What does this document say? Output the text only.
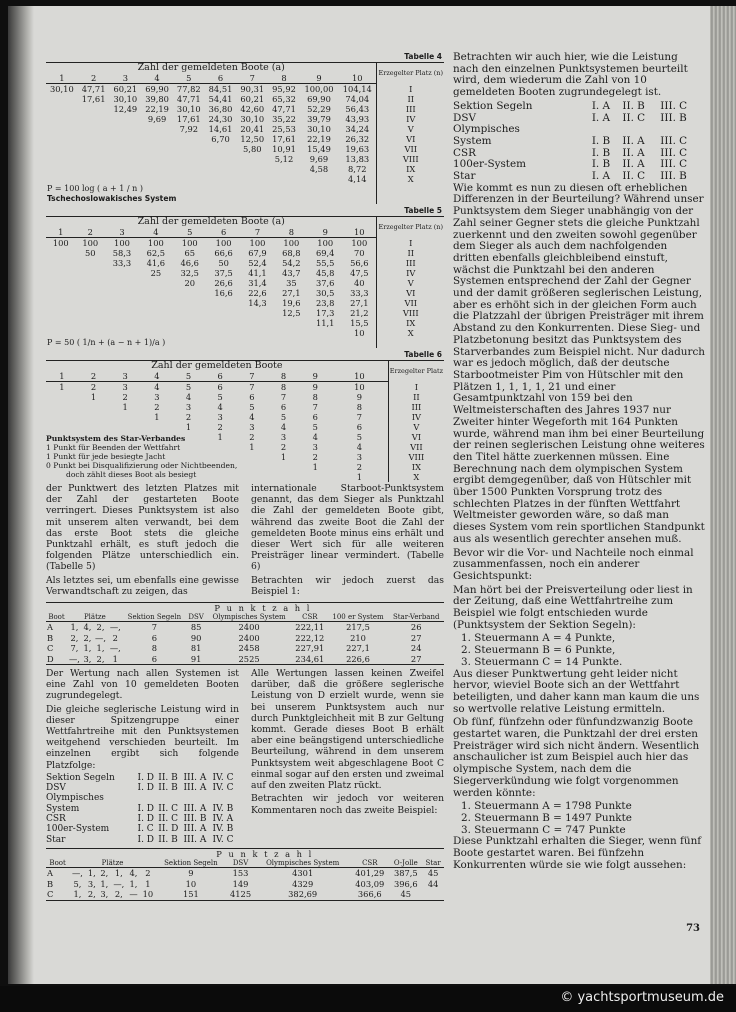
Tabelle 4
Zahl der gemeldeten Boote (a)										Erzegelter Platz (n)
1	2	3	4	5	6	7	8	9	10	
30,10	47,71	60,21	69,90	77,82	84,51	90,31	95,92	100,00	104,14	I
	17,61	30,10	39,80	47,71	54,41	60,21	65,32	69,90	74,04	II
		12,49	22,19	30,10	36,80	42,60	47,71	52,29	56,43	III
			9,69	17,61	24,30	30,10	35,22	39,79	43,93	IV
				7,92	14,61	20,41	25,53	30,10	34,24	V
					6,70	12,50	17,61	22,19	26,32	VI
						5,80	10,91	15,49	19,63	VII
							5,12	9,69	13,83	VIII
								4,58	8,72	IX
									4,14	X
P = 100 log ( a + 1 / n )										
Tschechoslowakisches System										
Tabelle 5
Zahl der gemeldeten Boote (a)										Erzegelter Platz (n)
1	2	3	4	5	6	7	8	9	10	
100	100	100	100	100	100	100	100	100	100	I
	50	58,3	62,5	65	66,6	67,9	68,8	69,4	70	II
		33,3	41,6	46,6	50	52,4	54,2	55,5	56,6	III
			25	32,5	37,5	41,1	43,7	45,8	47,5	IV
				20	26,6	31,4	35	37,6	40	V
					16,6	22,6	27,1	30,5	33,3	VI
						14,3	19,6	23,8	27,1	VII
							12,5	17,3	21,2	VIII
								11,1	15,5	IX
									10	X
P = 50 ( 1/n + (a − n + 1)/a )										
Tabelle 6
Zahl der gemeldeten Boote										Erzegelter Platz
1	2	3	4	5	6	7	8	9	10	
1	2	3	4	5	6	7	8	9	10	I
	1	2	3	4	5	6	7	8	9	II
		1	2	3	4	5	6	7	8	III
			1	2	3	4	5	6	7	IV
				1	2	3	4	5	6	V
					1	2	3	4	5	VI
						1	2	3	4	VII
							1	2	3	VIII
								1	2	IX
									1	X
Punktsystem des Star-Verbandes
1 Punkt für Beenden der Wettfahrt
1 Punkt für jede besiegte Jacht
0 Punkt bei Disqualifizierung oder Nichtbeenden,
doch zählt dieses Boot als besiegt

der Punktwert des letzten Platzes mit der Zahl der gestarteten Boote verringert. Dieses Punktsystem ist also mit unserem alten verwandt, bei dem das erste Boot stets die gleiche Punktzahl erhält, es stuft jedoch die folgenden Plätze unterschiedlich ein. (Tabelle 5)

Als letztes sei, um ebenfalls eine gewisse Verwandtschaft zu zeigen, das

internationale Starboot-Punktsystem genannt, das dem Sieger als Punktzahl die Zahl der gemeldeten Boote gibt, während das zweite Boot die Zahl der gemeldeten Boote minus eins erhält und dieser Wert sich für alle weiteren Preisträger linear vermindert. (Tabelle 6)

Betrachten wir jedoch zuerst das Beispiel 1:

		P u n k t z a h l								
Boot	Plätze				Sektion Segeln	DSV	Olympisches System	CSR	100 er System	Star-Verband
A	1,	4,	2,	—,	7	85	2400	222,11	217,5	26
B	2,	2,	—,	2	6	90	2400	222,12	210	27
C	7,	1,	1,	—,	8	81	2458	227,91	227,1	24
D	—,	3,	2,	1	6	91	2525	234,61	226,6	27

Der Wertung nach allen Systemen ist eine Zahl von 10 gemeldeten Booten zugrundegelegt.

Die gleiche seglerische Leistung wird in dieser Spitzengruppe einer Wettfahrtreihe mit den Punktsystemen weitgehend verschieden beurteilt. Im einzelnen ergibt sich folgende Platzfolge:

Sektion Segeln	I. D	II. B	III. A	IV. C
DSV	I. D	II. B	III. A	IV. C
Olympisches				
System	I. D	II. C	III. A	IV. B
CSR	I. D	II. C	III. B	IV. A
100er-System	I. C	II. D	III. A	IV. B
Star	I. D	II. B	III. A	IV. C

Alle Wertungen lassen keinen Zweifel darüber, daß die größere seglerische Leistung von D erzielt wurde, wenn sie bei unserem Punktsystem auch nur durch Punktgleichheit mit B zur Geltung kommt. Gerade dieses Boot B erhält aber eine beängstigend unterschiedliche Beurteilung, während in dem unserem Punktsystem weit abgeschlagene Boot C einmal sogar auf den ersten und zweimal auf den zweiten Platz rückt.

Betrachten wir jedoch vor weiteren Kommentaren noch das zweite Beispiel:

		P u n k t z a h l										
Boot	Plätze						Sektion Segeln	DSV	Olympisches System	CSR	O-Jolle	Star
A	—,	1,	2,	1,	4,	2	9	153	4301	401,29	387,5	45
B	5,	3,	1,	—,	1,	1	10	149	4329	403,09	396,6	44
C	1,	2,	3,	2,	—	10	151	4125	382,69	366,6	45	

Betrachten wir auch hier, wie die Leistung nach den einzelnen Punktsystemen beurteilt wird, dem wiederum die Zahl von 10 gemeldeten Booten zugrundegelegt ist.

Sektion Segeln	I. A	II. B	III. C
DSV	I. A	II. C	III. B
Olympisches			
System	I. B	II. A	III. C
CSR	I. B	II. A	III. C
100er-System	I. B	II. A	III. C
Star	I. A	II. C	III. B

Wie kommt es nun zu diesen oft erheblichen Differenzen in der Beurteilung? Während unser Punktsystem dem Sieger unabhängig von der Zahl seiner Gegner stets die gleiche Punktzahl zuerkennt und den zweiten sowohl gegenüber dem Sieger als auch dem nachfolgenden dritten ebenfalls gleichbleibend einstuft, wächst die Punktzahl bei den anderen Systemen entsprechend der Zahl der Gegner und der damit größeren seglerischen Leistung, aber es erhöht sich in der gleichen Form auch die Platzzahl der übrigen Preisträger mit ihrem Abstand zu den Konkurrenten. Diese Sieg- und Platzbetonung besitzt das Punktsystem des Starverbandes zum Beispiel nicht. Nur dadurch war es jedoch möglich, daß der deutsche Starbootmeister Pim von Hütschler mit den Plätzen 1, 1, 1, 1, 21 und einer Gesamtpunktzahl von 159 bei den Weltmeisterschaften des Jahres 1937 nur Zweiter hinter Wegeforth mit 164 Punkten wurde, während man ihm bei einer Beurteilung der reinen seglerischen Leistung ohne weiteres den Titel hätte zuerkennen müssen. Eine Berechnung nach dem olympischen System ergibt demgegenüber, daß von Hütschler mit über 1500 Punkten Vorsprung trotz des schlechten Platzes in der fünften Wettfahrt Weltmeister geworden wäre, so daß man dieses System vom rein sportlichen Standpunkt aus als wesentlich gerechter ansehen muß.

Bevor wir die Vor- und Nachteile noch einmal zusammenfassen, noch ein anderer Gesichtspunkt:

Man hört bei der Preisverteilung oder liest in der Zeitung, daß eine Wettfahrtreihe zum Beispiel wie folgt entschieden wurde (Punktsystem der Sektion Segeln):

1. Steuermann A = 4 Punkte,
2. Steuermann B = 6 Punkte,
3. Steuermann C = 14 Punkte.

Aus dieser Punktwertung geht leider nicht hervor, wieviel Boote sich an der Wettfahrt beteiligten, und daher kann man kaum die uns so wertvolle relative Leistung ermitteln.

Ob fünf, fünfzehn oder fünfundzwanzig Boote gestartet waren, die Punktzahl der drei ersten Preisträger wird sich nicht ändern. Wesentlich anschaulicher ist zum Beispiel auch hier das olympische System, nach dem die Siegerverkündung wie folgt vorgenommen werden könnte:

1. Steuermann A = 1798 Punkte
2. Steuermann B = 1497 Punkte
3. Steuermann C = 747 Punkte

Diese Punktzahl erhalten die Sieger, wenn fünf Boote gestartet waren. Bei fünfzehn Konkurrenten würde sie wie folgt aussehen:

73
© yachtsportmuseum.de
